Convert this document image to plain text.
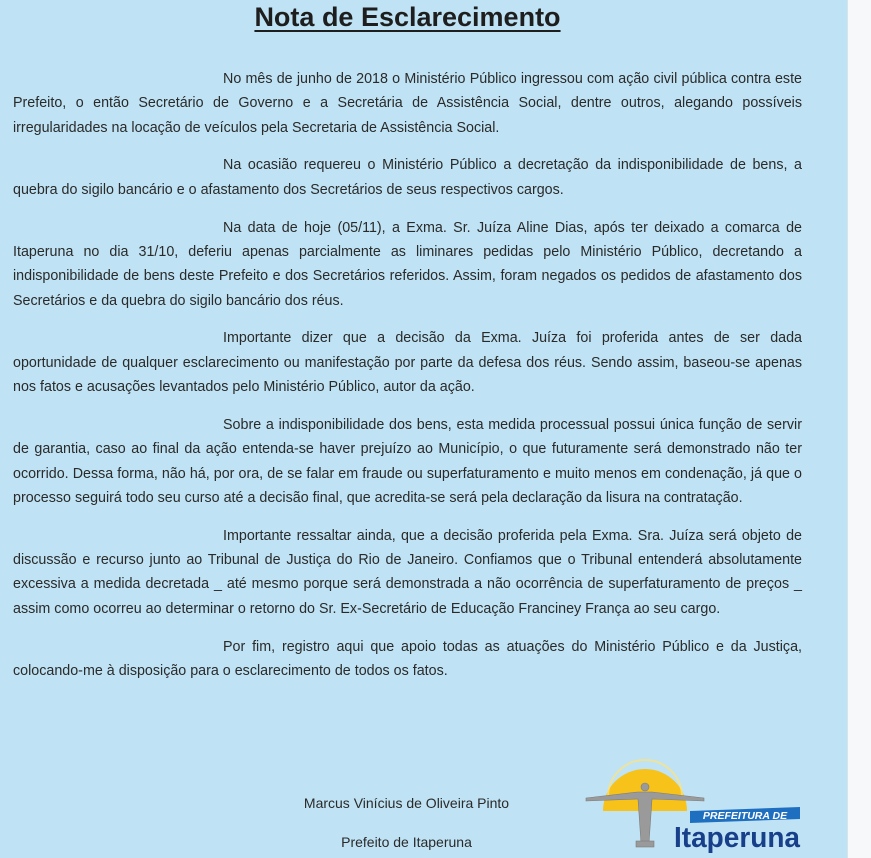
Nota de Esclarecimento

No mês de junho de 2018 o Ministério Público ingressou com ação civil pública contra este Prefeito, o então Secretário de Governo e a Secretária de Assistência Social, dentre outros, alegando possíveis irregularidades na locação de veículos pela Secretaria de Assistência Social.

Na ocasião requereu o Ministério Público a decretação da indisponibilidade de bens, a quebra do sigilo bancário e o afastamento dos Secretários de seus respectivos cargos.

Na data de hoje (05/11), a Exma. Sr. Juíza Aline Dias, após ter deixado a comarca de Itaperuna no dia 31/10, deferiu apenas parcialmente as liminares pedidas pelo Ministério Público, decretando a indisponibilidade de bens deste Prefeito e dos Secretários referidos. Assim, foram negados os pedidos de afastamento dos Secretários e da quebra do sigilo bancário dos réus.

Importante dizer que a decisão da Exma. Juíza foi proferida antes de ser dada oportunidade de qualquer esclarecimento ou manifestação por parte da defesa dos réus. Sendo assim, baseou-se apenas nos fatos e acusações levantados pelo Ministério Público, autor da ação.

Sobre a indisponibilidade dos bens, esta medida processual possui única função de servir de garantia, caso ao final da ação entenda-se haver prejuízo ao Município, o que futuramente será demonstrado não ter ocorrido. Dessa forma, não há, por ora, de se falar em fraude ou superfaturamento e muito menos em condenação, já que o processo seguirá todo seu curso até a decisão final, que acredita-se será pela declaração da lisura na contratação.

Importante ressaltar ainda, que a decisão proferida pela Exma. Sra. Juíza será objeto de discussão e recurso junto ao Tribunal de Justiça do Rio de Janeiro. Confiamos que o Tribunal entenderá absolutamente excessiva a medida decretada _ até mesmo porque será demonstrada a não ocorrência de superfaturamento de preços _ assim como ocorreu ao determinar o retorno do Sr. Ex-Secretário de Educação Franciney França ao seu cargo.

Por fim, registro aqui que apoio todas as atuações do Ministério Público e da Justiça, colocando-me à disposição para o esclarecimento de todos os fatos.

Marcus Vinícius de Oliveira Pinto
Prefeito de Itaperuna
PREFEITURA DE
Itaperuna
